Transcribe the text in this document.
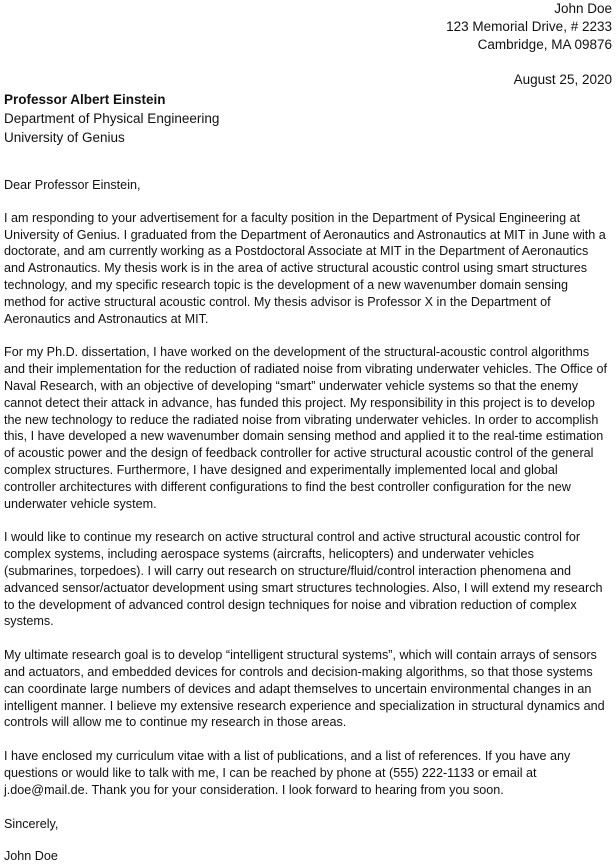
John Doe
123 Memorial Drive, # 2233
Cambridge, MA 09876
August 25, 2020
Professor Albert Einstein
Department of Physical Engineering
University of Genius

Dear Professor Einstein,

I am responding to your advertisement for a faculty position in the Department of Pysical Engineering at University of Genius. I graduated from the Department of Aeronautics and Astronautics at MIT in June with a doctorate, and am currently working as a Postdoctoral Associate at MIT in the Department of Aeronautics and Astronautics. My thesis work is in the area of active structural acoustic control using smart structures technology, and my specific research topic is the development of a new wavenumber domain sensing method for active structural acoustic control. My thesis advisor is Professor X in the Department of Aeronautics and Astronautics at MIT.

For my Ph.D. dissertation, I have worked on the development of the structural-acoustic control algorithms and their implementation for the reduction of radiated noise from vibrating underwater vehicles. The Office of Naval Research, with an objective of developing “smart” underwater vehicle systems so that the enemy cannot detect their attack in advance, has funded this project. My responsibility in this project is to develop the new technology to reduce the radiated noise from vibrating underwater vehicles. In order to accomplish this, I have developed a new wavenumber domain sensing method and applied it to the real-time estimation of acoustic power and the design of feedback controller for active structural acoustic control of the general complex structures. Furthermore, I have designed and experimentally implemented local and global controller architectures with different configurations to find the best controller configuration for the new underwater vehicle system.

I would like to continue my research on active structural control and active structural acoustic control for complex systems, including aerospace systems (aircrafts, helicopters) and underwater vehicles (submarines, torpedoes). I will carry out research on structure/fluid/control interaction phenomena and advanced sensor/actuator development using smart structures technologies. Also, I will extend my research to the development of advanced control design techniques for noise and vibration reduction of complex systems.

My ultimate research goal is to develop “intelligent structural systems”, which will contain arrays of sensors and actuators, and embedded devices for controls and decision-making algorithms, so that those systems can coordinate large numbers of devices and adapt themselves to uncertain environmental changes in an intelligent manner. I believe my extensive research experience and specialization in structural dynamics and controls will allow me to continue my research in those areas.

I have enclosed my curriculum vitae with a list of publications, and a list of references. If you have any questions or would like to talk with me, I can be reached by phone at (555) 222-1133 or email at j.doe@mail.de. Thank you for your consideration. I look forward to hearing from you soon.

Sincerely,

John Doe
